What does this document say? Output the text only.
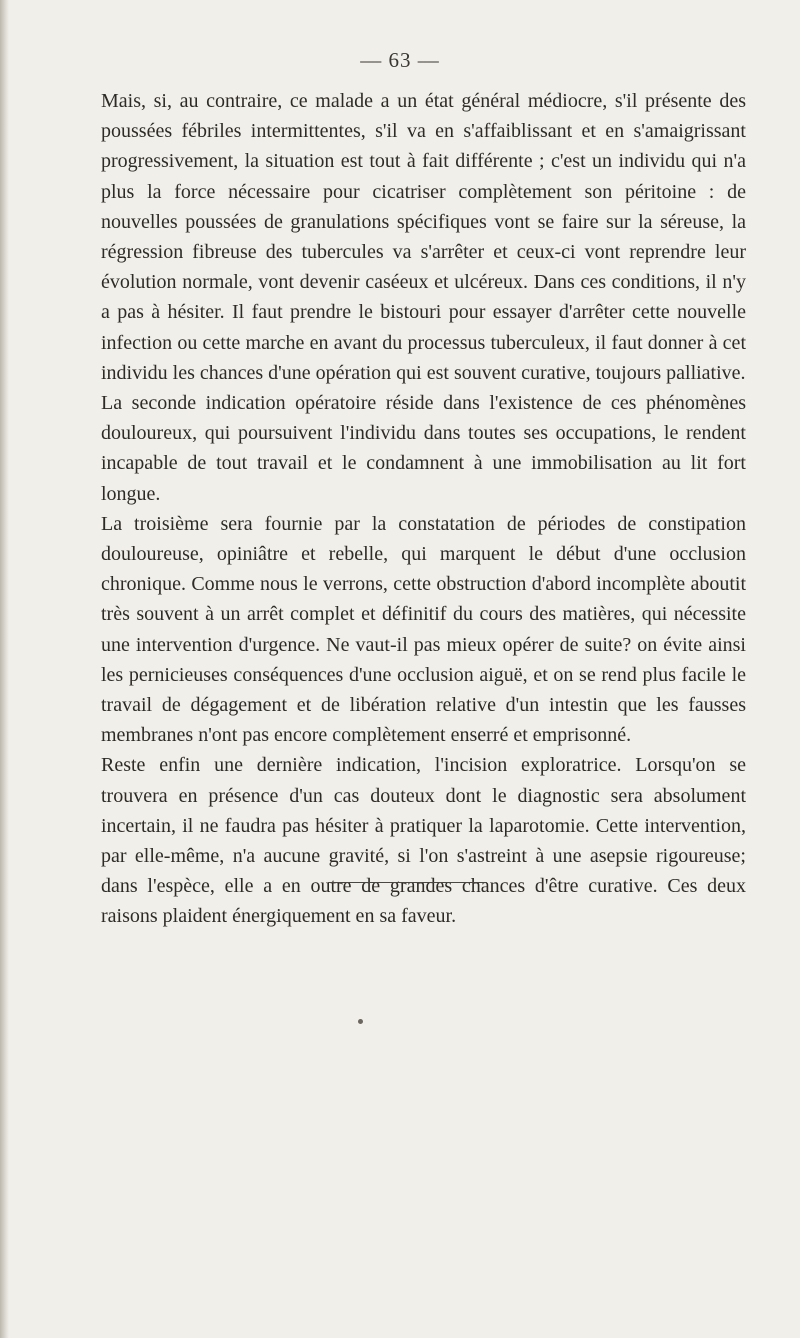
— 63 —

Mais, si, au contraire, ce malade a un état général médiocre, s'il présente des poussées fébriles intermittentes, s'il va en s'affaiblissant et en s'amaigrissant progressivement, la situation est tout à fait différente ; c'est un individu qui n'a plus la force nécessaire pour cicatriser complètement son péritoine : de nouvelles poussées de granulations spécifiques vont se faire sur la séreuse, la régression fibreuse des tubercules va s'arrêter et ceux-ci vont reprendre leur évolution normale, vont devenir caséeux et ulcéreux. Dans ces conditions, il n'y a pas à hésiter. Il faut prendre le bistouri pour essayer d'arrêter cette nouvelle infection ou cette marche en avant du processus tuberculeux, il faut donner à cet individu les chances d'une opération qui est souvent curative, toujours palliative.

La seconde indication opératoire réside dans l'existence de ces phénomènes douloureux, qui poursuivent l'individu dans toutes ses occupations, le rendent incapable de tout travail et le condamnent à une immobilisation au lit fort longue.

La troisième sera fournie par la constatation de périodes de constipation douloureuse, opiniâtre et rebelle, qui marquent le début d'une occlusion chronique. Comme nous le verrons, cette obstruction d'abord incomplète aboutit très souvent à un arrêt complet et définitif du cours des matières, qui nécessite une intervention d'urgence. Ne vaut-il pas mieux opérer de suite? on évite ainsi les pernicieuses conséquences d'une occlusion aiguë, et on se rend plus facile le travail de dégagement et de libération relative d'un intestin que les fausses membranes n'ont pas encore complètement enserré et emprisonné.

Reste enfin une dernière indication, l'incision exploratrice. Lorsqu'on se trouvera en présence d'un cas douteux dont le diagnostic sera absolument incertain, il ne faudra pas hésiter à pratiquer la laparotomie. Cette intervention, par elle-même, n'a aucune gravité, si l'on s'astreint à une asepsie rigoureuse; dans l'espèce, elle a en outre de grandes chances d'être curative. Ces deux raisons plaident énergiquement en sa faveur.
